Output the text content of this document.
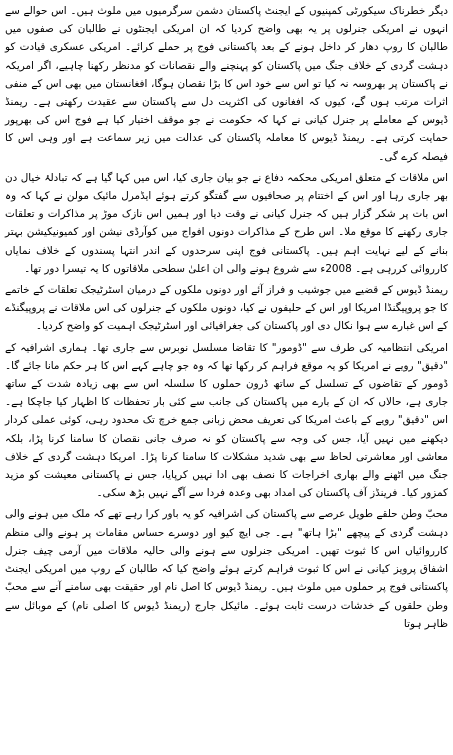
دیگر خطرناک سیکورٹی کمپنیوں کے ایجنٹ پاکستان دشمن سرگرمیوں میں ملوث ہیں۔ اس حوالے سے انہوں نے امریکی جنرلوں پر یہ بھی واضح کردیا کہ ان امریکی ایجنٹوں نے طالبان کی صفوں میں طالبان کا روپ دھار کر داخل ہونے کے بعد پاکستانی فوج پر حملے کرائے۔ امریکی عسکری قیادت کو دہشت گردی کے خلاف جنگ میں پاکستان کو پہنچنے والے نقصانات کو مدنظر رکھنا چاہیے، اگر امریکہ نے پاکستان پر بھروسہ نہ کیا تو اس سے خود اس کا بڑا نقصان ہوگا، افغانستان میں بھی اس کے منفی اثرات مرتب ہوں گے، کیوں کہ افغانوں کی اکثریت دل سے پاکستان سے عقیدت رکھتی ہے۔ ریمنڈ ڈیوس کے معاملے پر جنرل کیانی نے کہا کہ حکومت نے جو موقف اختیار کیا ہے فوج اس کی بھرپور حمایت کرتی ہے۔ ریمنڈ ڈیوس کا معاملہ پاکستان کی عدالت میں زیر سماعت ہے اور وہی اس کا فیصلہ کرے گی۔

اس ملاقات کے متعلق امریکی محکمہ دفاع نے جو بیان جاری کیا، اس میں کہا گیا ہے کہ تبادلۂ خیال دن بھر جاری رہا اور اس کے اختتام پر صحافیوں سے گفتگو کرتے ہوئے ایڈمرل مائیک مولن نے کہا کہ وہ اس بات پر شکر گزار ہیں کہ جنرل کیانی نے وقت دیا اور ہمیں اس نازک موڑ پر مذاکرات و تعلقات جاری رکھنے کا موقع ملا۔ اس طرح کے مذاکرات دونوں افواج میں کوآرڈی نیشن اور کمیونیکیشن بہتر بنانے کے لیے نہایت اہم ہیں۔ پاکستانی فوج اپنی سرحدوں کے اندر انتہا پسندوں کے خلاف نمایاں کارروائی کررہی ہے۔ 2008ء سے شروع ہونے والی ان اعلیٰ سطحی ملاقاتوں کا یہ تیسرا دور تھا۔

ریمنڈ ڈیوس کے قضیے میں جوشیب و فراز آئے اور دونوں ملکوں کے درمیان اسٹرٹیجک تعلقات کے خاتمے کا جو پروپیگنڈا امریکا اور اس کے حلیفوں نے کیا، دونوں ملکوں کے جنرلوں کی اس ملاقات نے پروپیگنڈے کے اس غبارے سے ہوا نکال دی اور پاکستان کی جغرافیائی اور اسٹرٹیجک اہمیت کو واضح کردیا۔

امریکی انتظامیہ کی طرف سے "ڈومور" کا تقاضا مسلسل نوبرس سے جاری تھا۔ ہماری اشرافیہ کے "دقیق" رویے نے امریکا کو یہ موقع فراہم کر رکھا تھا کہ وہ جو چاہے کہے اس کا ہر حکم مانا جائے گا۔ ڈومور کے تقاضوں کے تسلسل کے ساتھ ڈرون حملوں کا سلسلہ اس سے بھی زیادہ شدت کے ساتھ جاری ہے، حالاں کہ ان کے بارے میں پاکستان کی جانب سے کئی بار تحفظات کا اظہار کیا جاچکا ہے۔ اس "دقیق" رویے کے باعث امریکا کی تعریف محض زبانی جمع خرچ تک محدود رہی، کوئی عملی کردار دیکھنے میں نہیں آیا، جس کی وجہ سے پاکستان کو نہ صرف جانی نقصان کا سامنا کرنا پڑا، بلکہ معاشی اور معاشرتی لحاظ سے بھی شدید مشکلات کا سامنا کرنا پڑا۔ امریکا دہشت گردی کے خلاف جنگ میں اٹھنے والے بھاری اخراجات کا نصف بھی ادا نہیں کرپایا، جس نے پاکستانی معیشت کو مزید کمزور کیا۔ فرینڈز آف پاکستان کی امداد بھی وعدہ فردا سے آگے نہیں بڑھ سکی۔

محبّ وطن حلقے طویل عرصے سے پاکستان کی اشرافیہ کو یہ باور کرا رہے تھے کہ ملک میں ہونے والی دہشت گردی کے پیچھے "بڑا ہاتھ" ہے۔ جی ایچ کیو اور دوسرے حساس مقامات پر ہونے والی منظم کارروائیاں اس کا ثبوت تھیں۔ امریکی جنرلوں سے ہونے والی حالیہ ملاقات میں آرمی چیف جنرل اشفاق پرویز کیانی نے اس کا ثبوت فراہم کرتے ہوئے واضح کیا کہ طالبان کے روپ میں امریکی ایجنٹ پاکستانی فوج پر حملوں میں ملوث ہیں۔ ریمنڈ ڈیوس کا اصل نام اور حقیقت بھی سامنے آنے سے محبّ وطن حلقوں کے خدشات درست ثابت ہوئے۔ مائیکل جارج (ریمنڈ ڈیوس کا اصلی نام) کے موبائل سے ظاہر ہوتا
